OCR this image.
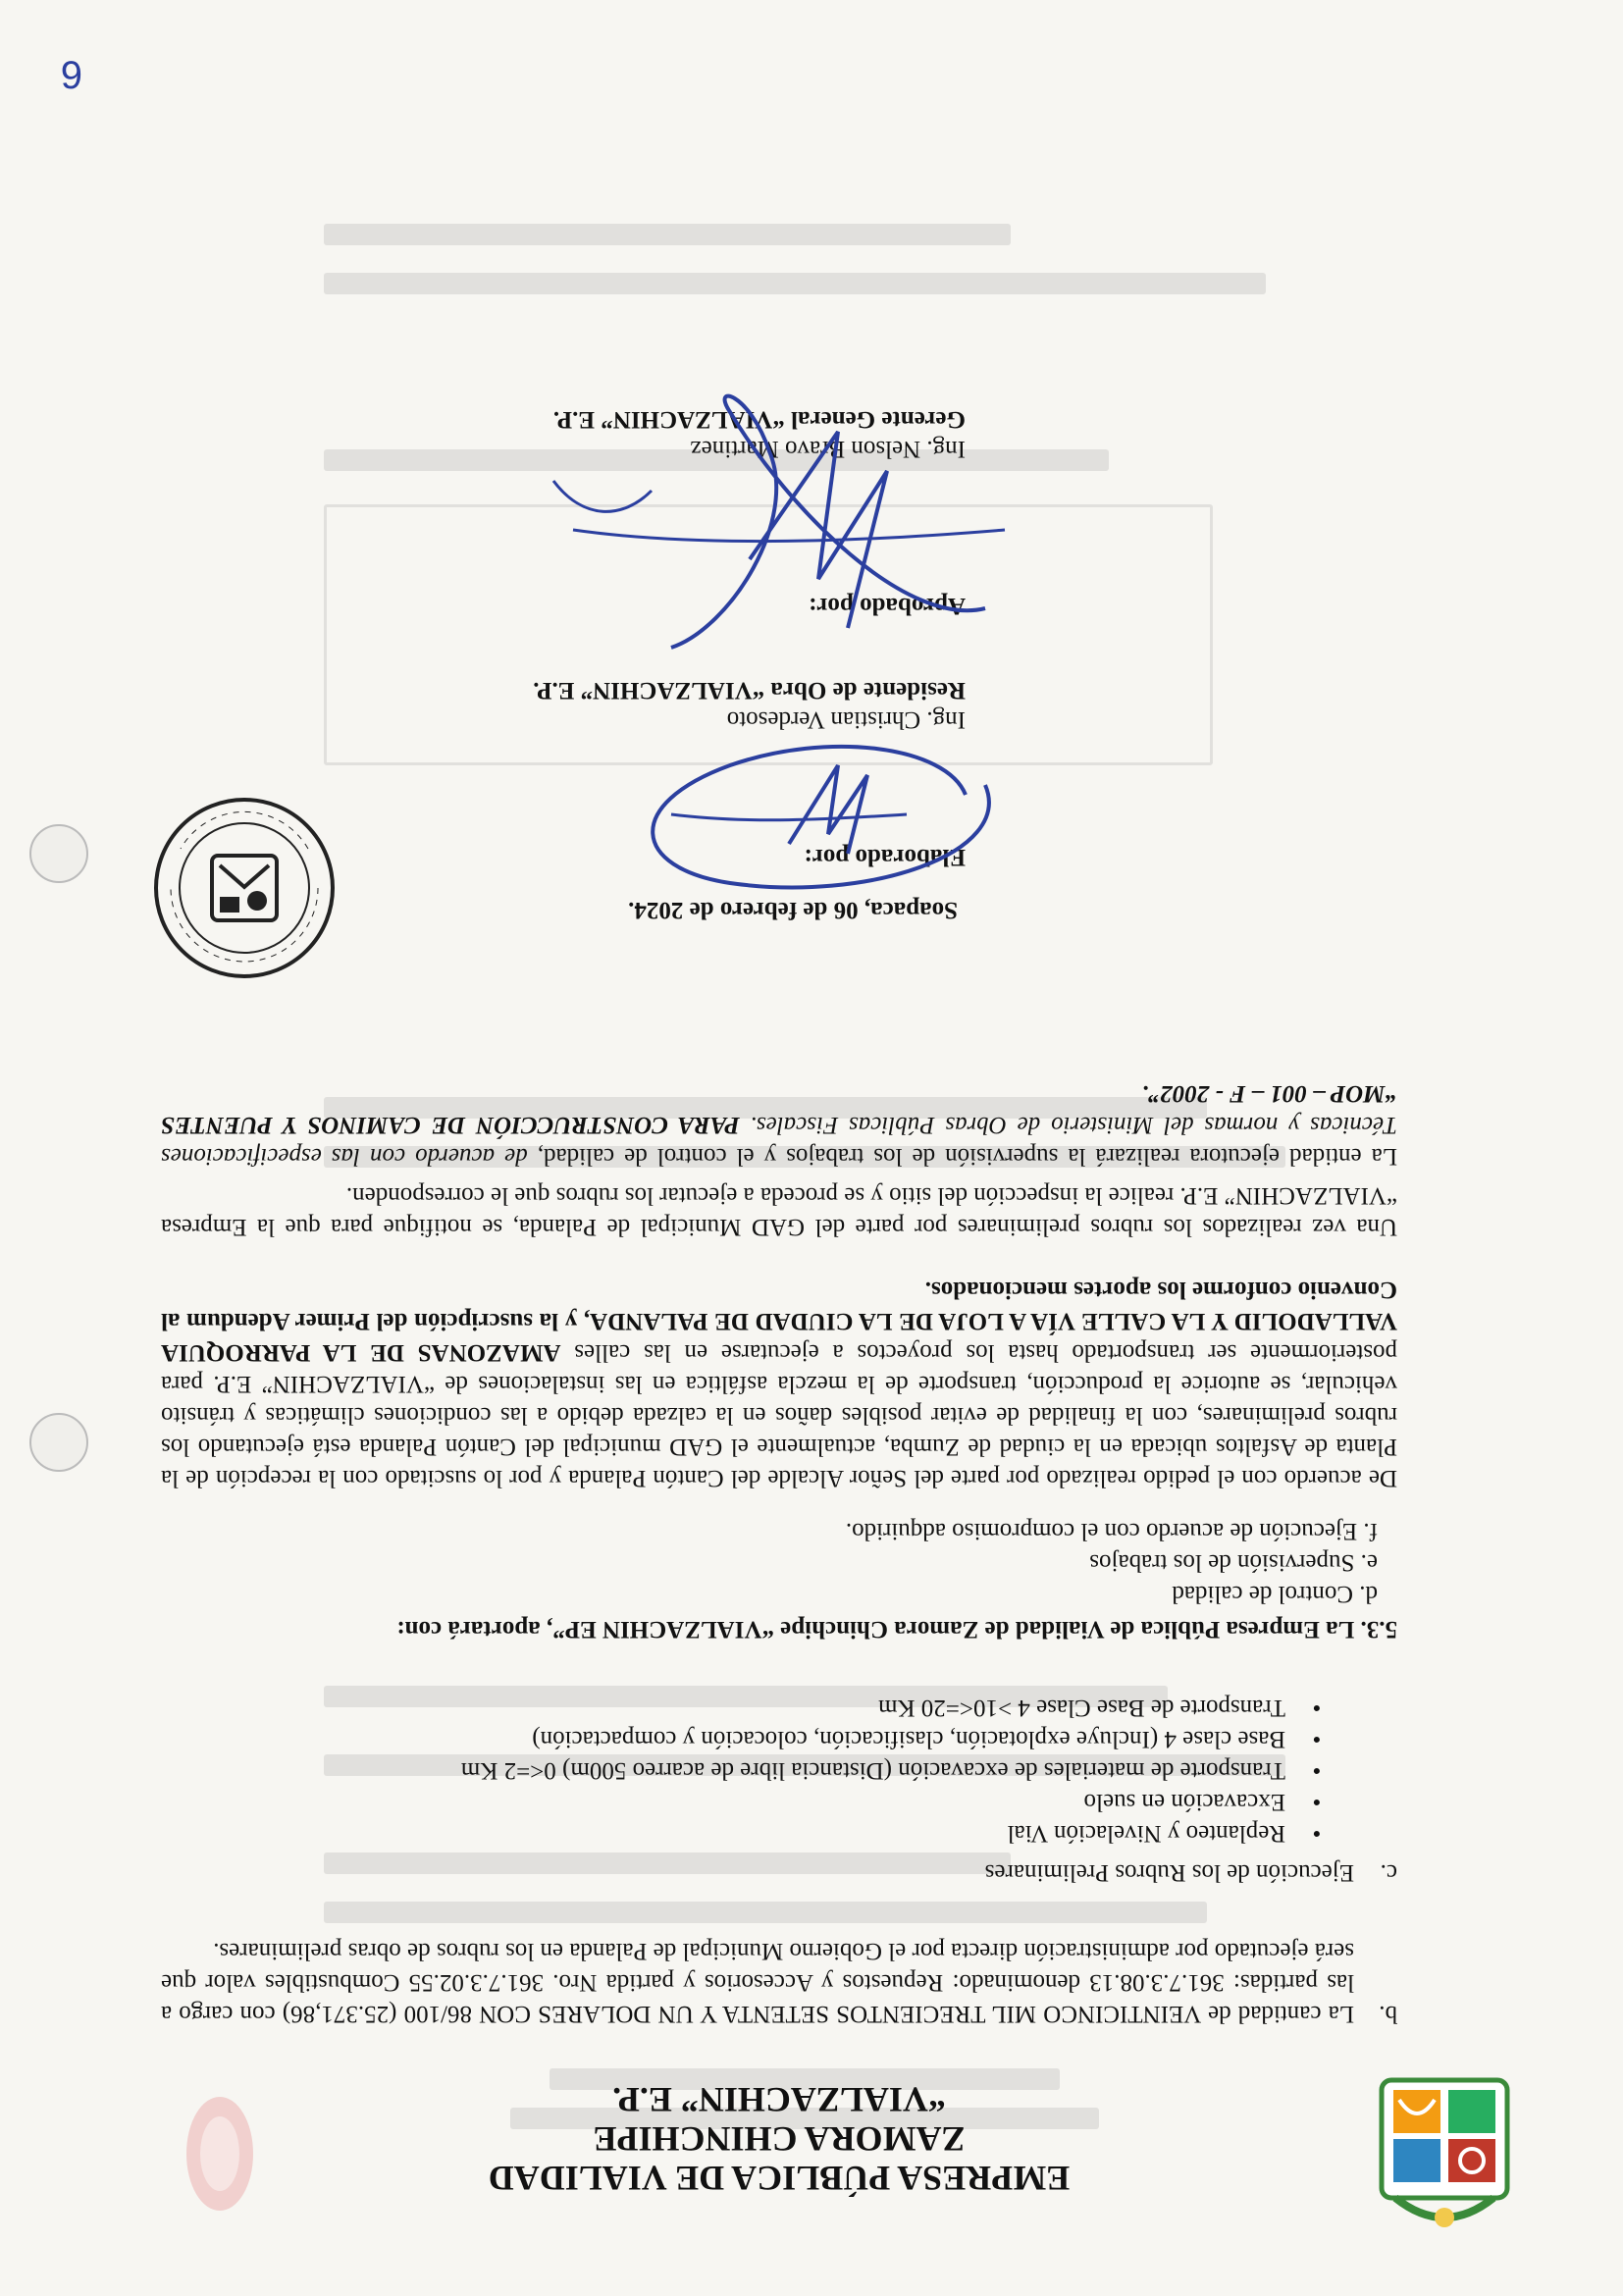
EMPRESA PÚBLICA DE VIALIDAD
ZAMORA CHINCHIPE
“VIALZACHIN” E.P.
b.
La cantidad de VEINTICINCO MIL TRECIENTOS SETENTA Y UN DOLARES CON 86/100 (25.371,86) con cargo a las partidas: 361.7.3.08.13 denominado: Repuestos y Accesorios y partida Nro. 361.7.3.02.55 Combustibles valor que será ejecutado por administración directa por el Gobierno Municipal de Palanda en los rubros de obras preliminares.
c.Ejecución de los Rubros Preliminares
● Replanteo y Nivelación Vial
● Excavación en suelo
● Transporte de materiales de excavación (Distancia libre de acarreo 500m) 0<=2 Km
● Base clase 4 (Incluye explotación, clasificación, colocación y compactación)
● Transporte de Base Clase 4 >10<=20 Km
5.3. La Empresa Pública de Vialidad de Zamora Chinchipe “VIALZACHIN EP”, aportará con:
d. Control de calidad
e. Supervisión de los trabajos
f. Ejecución de acuerdo con el compromiso adquirido.
De acuerdo con el pedido realizado por parte del Señor Alcalde del Cantón Palanda y por lo suscitado con la recepción de la Planta de Asfaltos ubicada en la ciudad de Zumba, actualmente el GAD municipal del Cantón Palanda está ejecutando los rubros preliminares, con la finalidad de evitar posibles daños en la calzada debido a las condiciones climáticas y tránsito vehicular, se autorice la producción, transporte de la mezcla asfáltica en las instalaciones de “VIALZACHIN” E.P. para posteriormente ser transportado hasta los proyectos a ejecutarse en las calles AMAZONAS DE LA PARROQUIA VALLADOLID Y LA CALLE VÍA A LOJA DE LA CIUDAD DE PALANDA, y la suscripción del Primer Adendum al Convenio conforme los aportes mencionados.
Una vez realizados los rubros preliminares por parte del GAD Municipal de Palanda, se notifique para que la Empresa “VIALZACHIN” E.P. realice la inspección del sitio y se proceda a ejecutar los rubros que le corresponden.
La entidad ejecutora realizará la supervisión de los trabajos y el control de calidad, de acuerdo con las especificaciones Técnicas y normas del Ministerio de Obras Públicas Fiscales. PARA CONSTRUCCIÓN DE CAMINOS Y PUENTES “MOP – 001 – F - 2002”.
Soapaca, 06 de febrero de 2024.
Elaborado por:
Ing. Christian Verdesoto
Residente de Obra “VIALZACHIN” E.P.
Aprobado por:
Ing. Nelson Bravo Martinez
Gerente General “VIALZACHIN” E.P.
9
